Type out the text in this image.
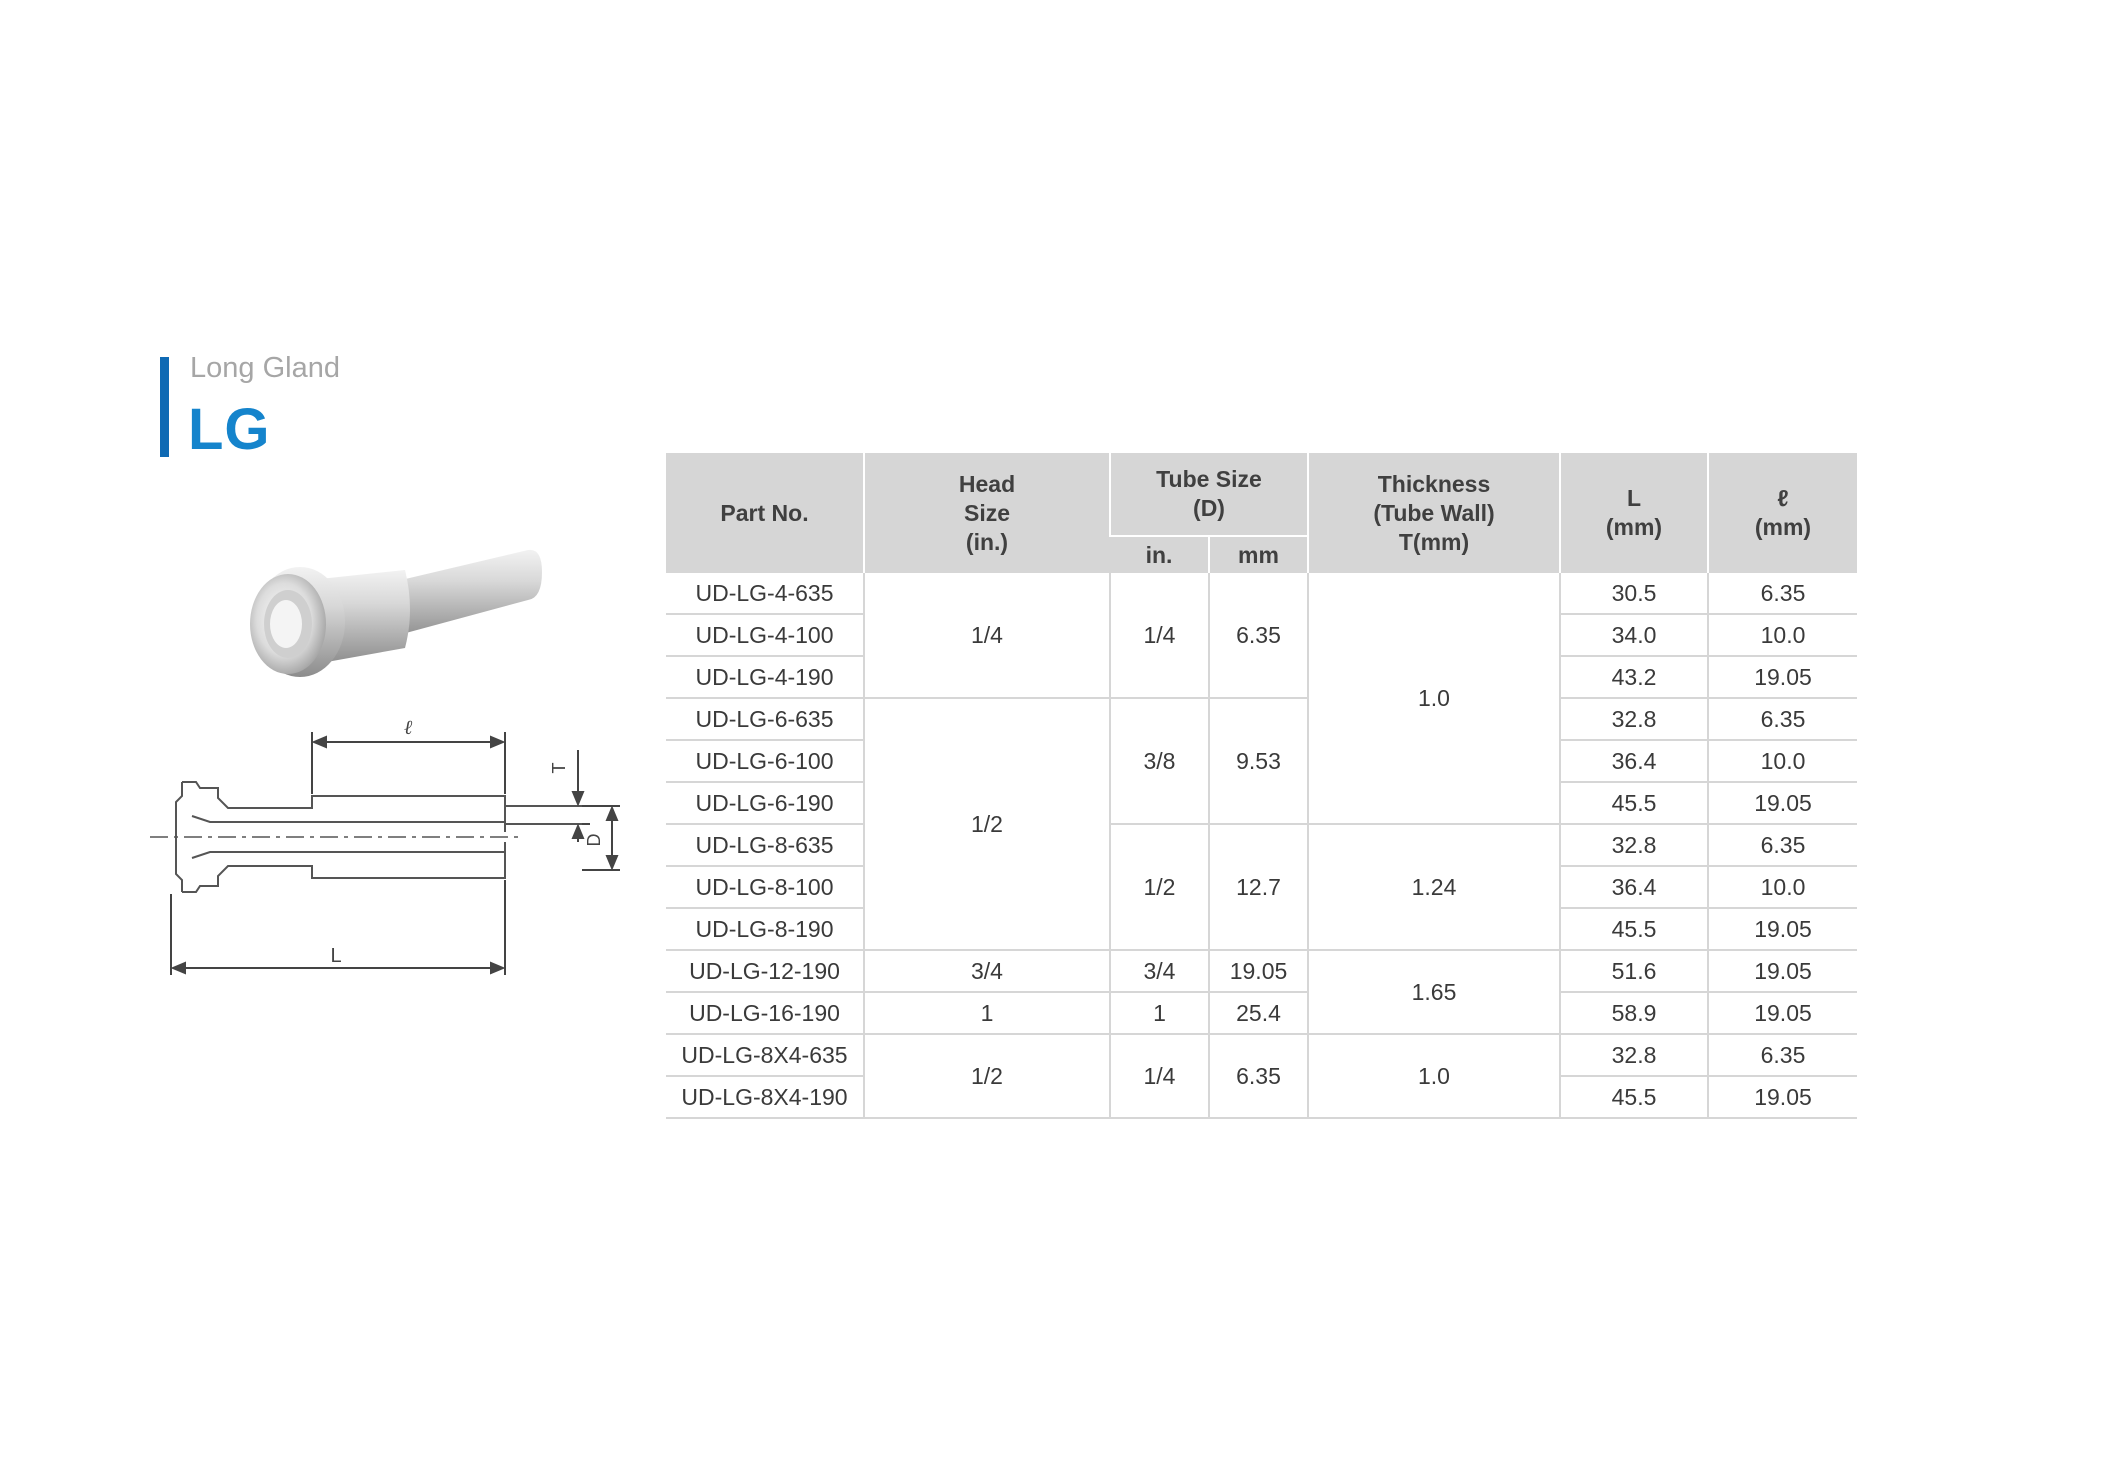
Long Gland
LG
ℓ
T
D
L
Part No.	Head
Size
(in.)	Tube Size
(D)		Thickness
(Tube Wall)
T(mm)	L
(mm)	ℓ
(mm)

		in.	mm			
UD-LG-4-635	1/4	1/4	6.35	1.0	30.5	6.35
UD-LG-4-100					34.0	10.0
UD-LG-4-190					43.2	19.05
UD-LG-6-635	1/2	3/8	9.53		32.8	6.35
UD-LG-6-100					36.4	10.0
UD-LG-6-190					45.5	19.05
UD-LG-8-635		1/2	12.7	1.24	32.8	6.35
UD-LG-8-100					36.4	10.0
UD-LG-8-190					45.5	19.05
UD-LG-12-190	3/4	3/4	19.05	1.65	51.6	19.05
UD-LG-16-190	1	1	25.4		58.9	19.05
UD-LG-8X4-635	1/2	1/4	6.35	1.0	32.8	6.35
UD-LG-8X4-190					45.5	19.05
